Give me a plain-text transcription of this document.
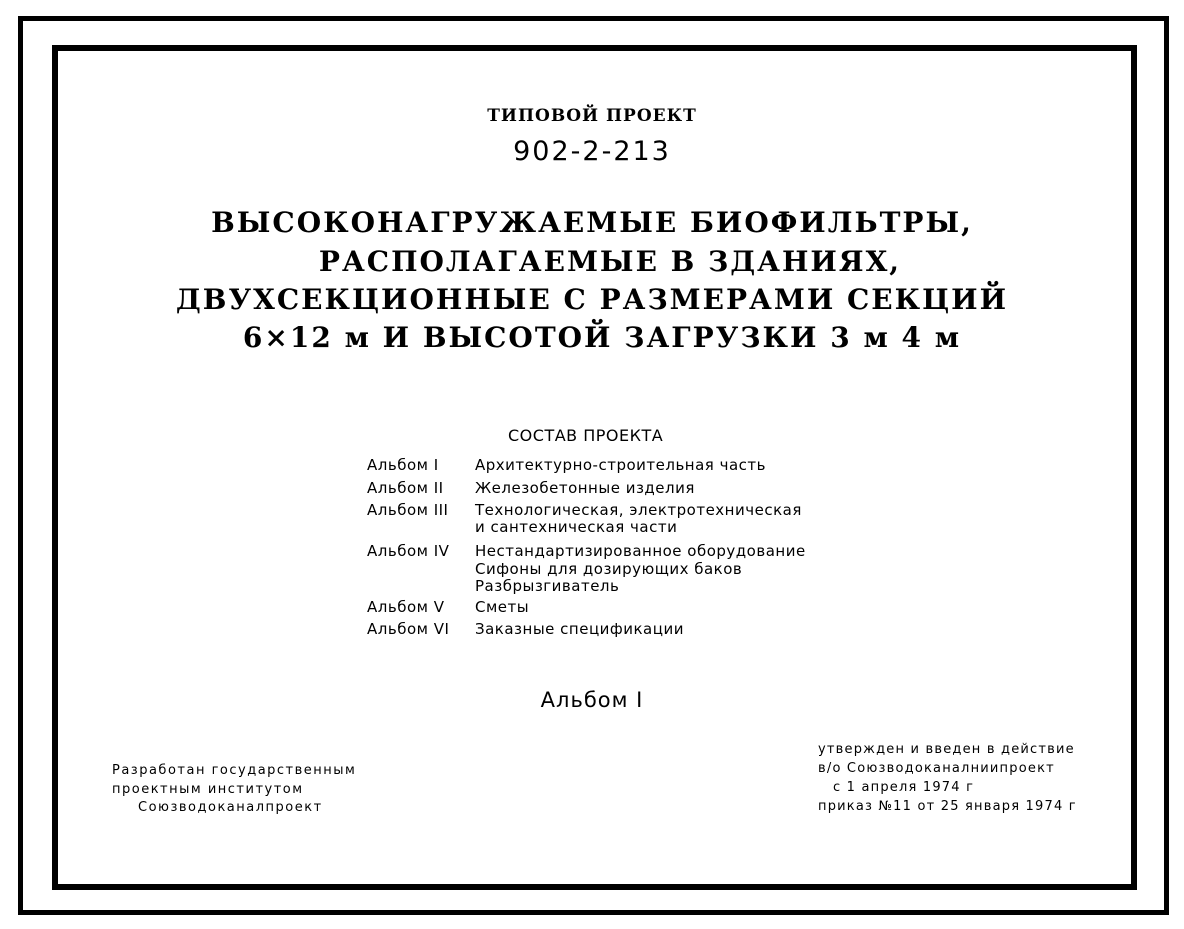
ТИПОВОЙ ПРОЕКТ
902-2-213
ВЫСОКОНАГРУЖАЕМЫЕ БИОФИЛЬТРЫ,
РАСПОЛАГАЕМЫЕ В ЗДАНИЯХ,
ДВУХСЕКЦИОННЫЕ С РАЗМЕРАМИ СЕКЦИЙ
6×12 м И ВЫСОТОЙ ЗАГРУЗКИ 3 м 4 м
СОСТАВ ПРОЕКТА
Альбом I Архитектурно-строительная часть
Альбом II Железобетонные изделия
Альбом III Технологическая, электротехническая
и сантехническая части
Альбом IV Нестандартизированное оборудование
Сифоны для дозирующих баков
Разбрызгиватель
Альбом V Сметы
Альбом VI Заказные спецификации
Альбом I
Разработан государственным
проектным институтом
Союзводоканалпроект
утвержден и введен в действие
в/о Союзводоканалниипроект
с 1 апреля 1974 г
приказ №11 от 25 января 1974 г
